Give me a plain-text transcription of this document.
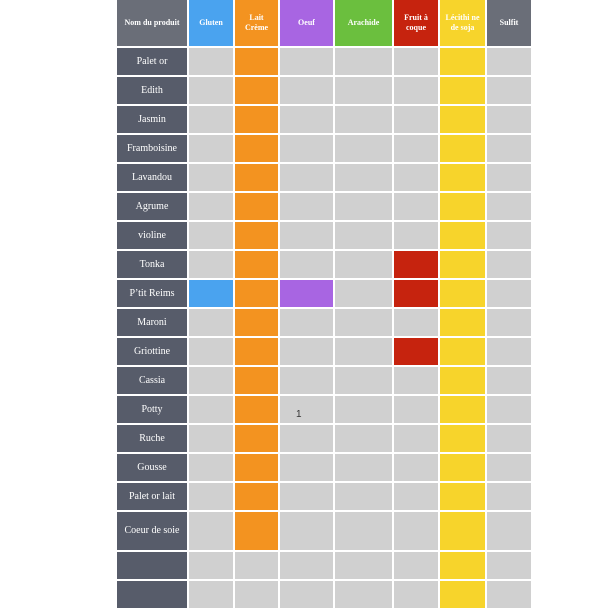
Nom du produit	Gluten
Lait Crème
Oeuf	Arachide
Fruit à coque
Lécithi ne de soja
Sulfit
Palet or
Edith
Jasmin
Framboisine
Lavandou
Agrume
violine
Tonka
P’tit Reims
Maroni
Griottine
Cassia
Potty
Ruche
Gousse
Palet or lait
Coeur de soie
1
